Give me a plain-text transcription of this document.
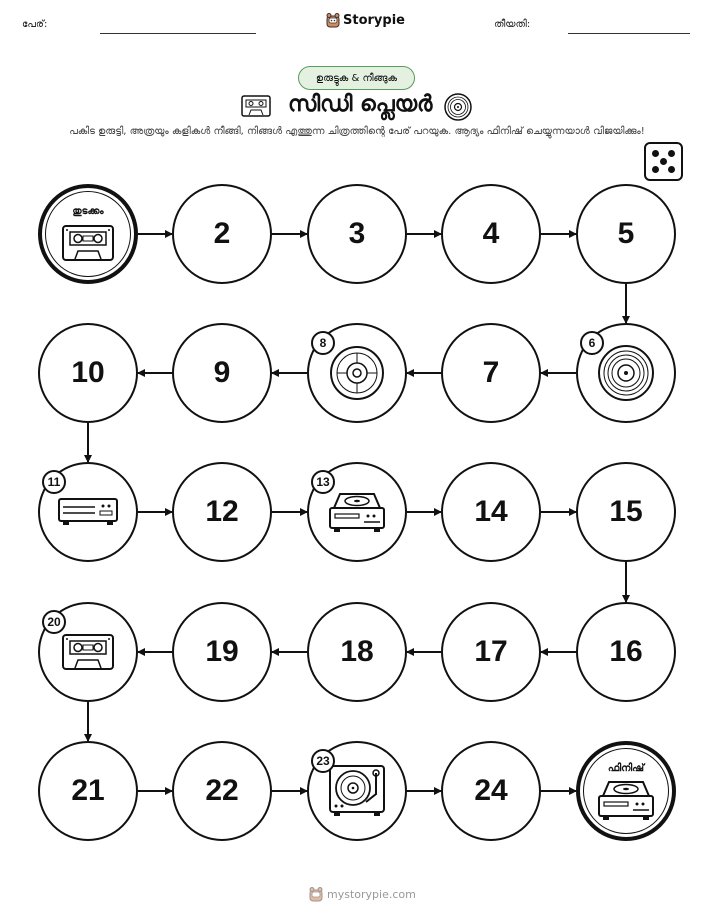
പേര്:	Storypie	തീയതി:
ഉരുട്ടുക & നീങ്ങുക
സിഡി പ്ലെയർ
പകിട ഉരുട്ടി, അത്രയും കളികൾ നീങ്ങി, നിങ്ങൾ എത്തുന്ന ചിത്രത്തിന്റെ പേര് പറയുക. ആദ്യം ഫിനിഷ് ചെയ്യുന്നയാൾ വിജയിക്കും!
തുടക്കം
2	3	4	5
6
7
8
9
10
11
12
13
14	15
16
17
18
19
20
21	22
23
24
ഫിനിഷ്
mystorypie.com
